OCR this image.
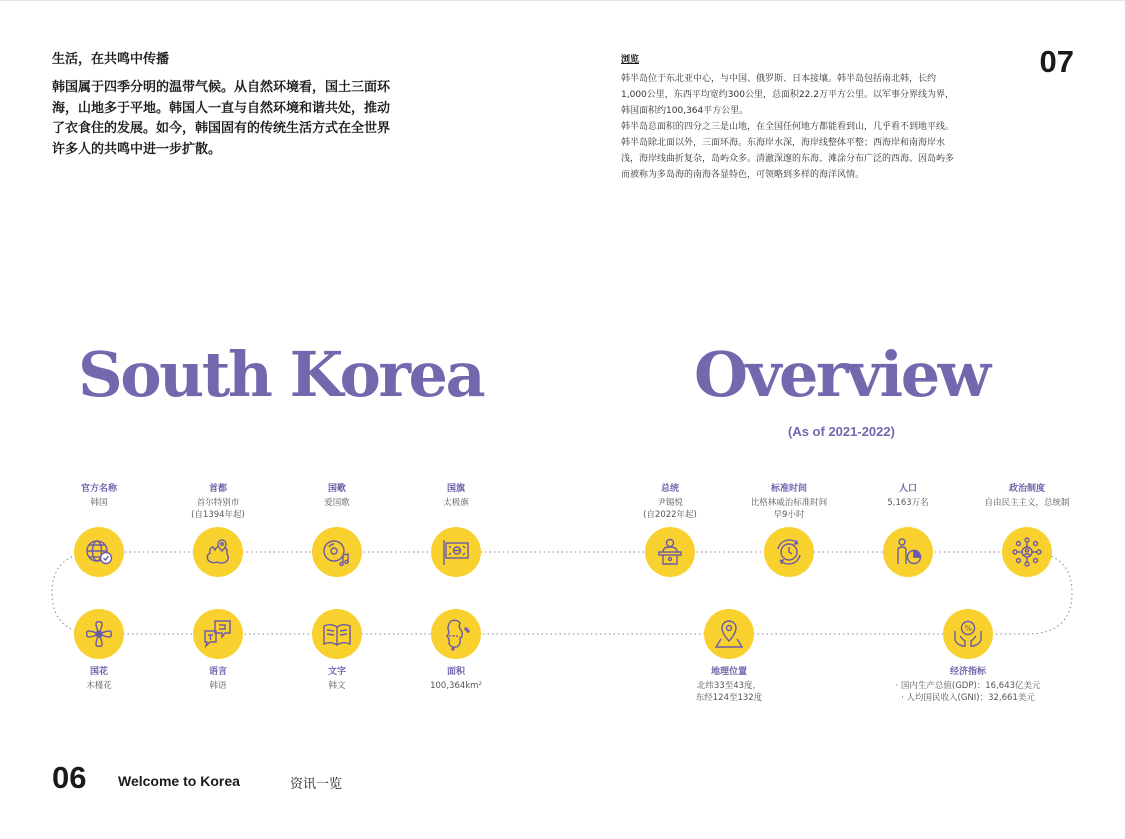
生活，在共鸣中传播
韩国属于四季分明的温带气候。从自然环境看，国土三面环海，山地多于平地。韩国人一直与自然环境和谐共处，推动了衣食住的发展。如今，韩国固有的传统生活方式在全世界许多人的共鸣中进一步扩散。
浏览

韩半岛位于东北亚中心，与中国、俄罗斯、日本接壤。韩半岛包括南北韩，长约1,000公里，东西平均宽约300公里，总面积22.2万平方公里。以军事分界线为界，韩国面积约100,364平方公里。

韩半岛总面积的四分之三是山地，在全国任何地方都能看到山，几乎看不到地平线。韩半岛除北面以外，三面环海。东海岸水深，海岸线整体平整；西海岸和南海岸水浅，海岸线曲折复杂，岛屿众多。清澈深邃的东海、滩涂分布广泛的西海、因岛屿多而被称为多岛海的南海各显特色，可领略到多样的海洋风情。

07
06 Welcome to Korea	资讯一览
South Korea	Overview
(As of 2021-2022)
%
官方名称
韩国
首都
首尔特别市
(自1394年起)
国歌
爱国歌
国旗
太极旗
总统
尹锡悦
(自2022年起)
标准时间
比格林威治标准时间
早9小时
人口
5,163万名
政治制度
自由民主主义，总统制
国花
木槿花
语言
韩语
文字
韩文
面积
100,364km²
地理位置
北纬33至43度，
东经124至132度
经济指标
· 国内生产总值(GDP)：16,643亿美元
· 人均国民收入(GNI)：32,661美元
